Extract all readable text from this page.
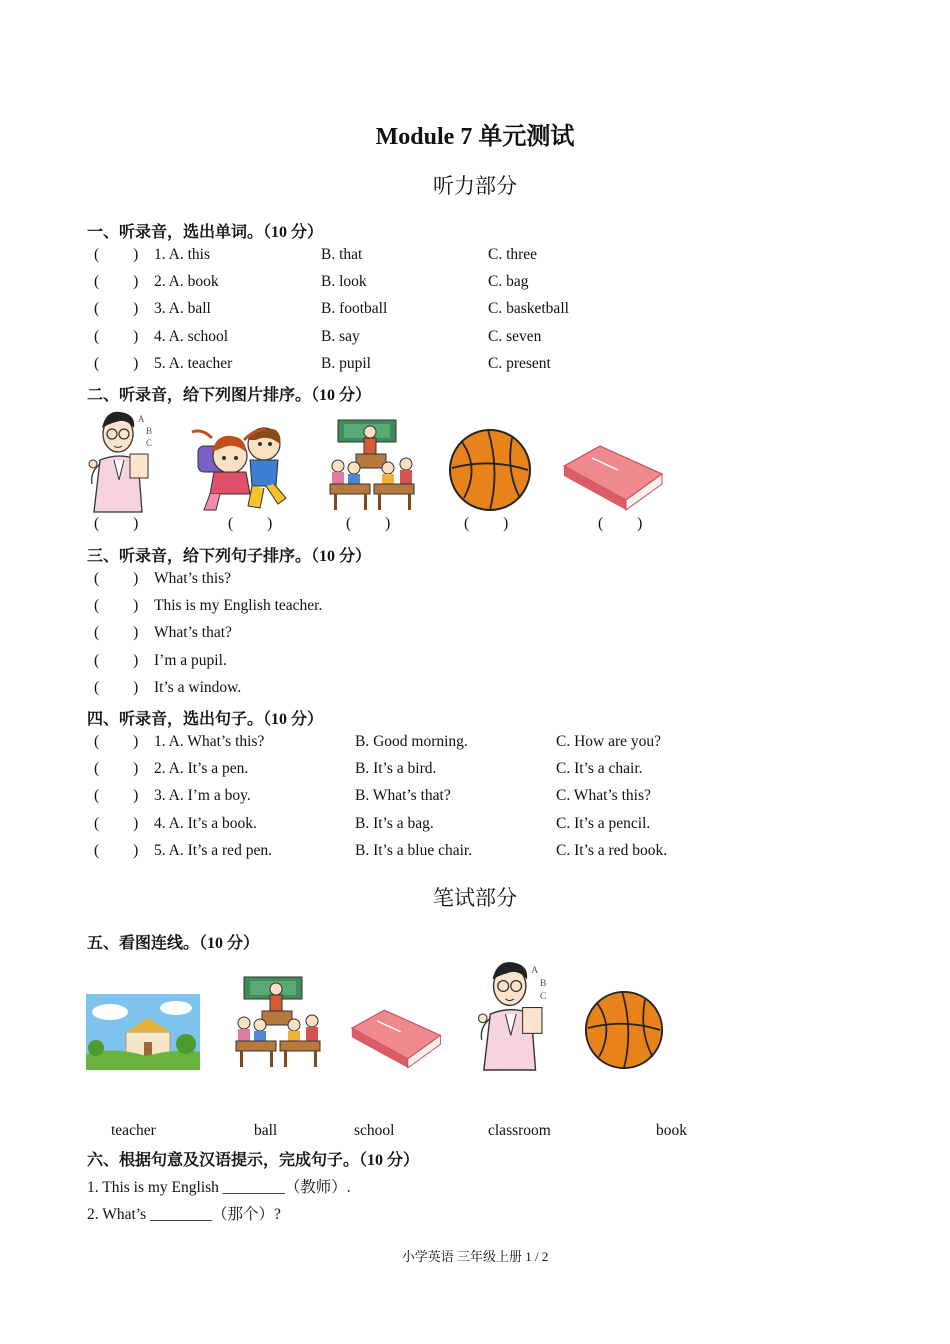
Module 7 单元测试
听力部分
一、听录音，选出单词。（10 分）
( ) 1. A. this	B. that	C. three
( ) 2. A. book	B. look	C. bag
( ) 3. A. ball	B. football	C. basketball
( ) 4. A. school	B. say	C. seven
( ) 5. A. teacher	B. pupil	C. present
二、听录音，给下列图片排序。（10 分）
A
B
C
( )	( )	( )	( )	( )
三、听录音，给下列句子排序。（10 分）
( ) What’s this?
( ) This is my English teacher.
( ) What’s that?
( ) I’m a pupil.
( ) It’s a window.
四、听录音，选出句子。（10 分）
( ) 1. A. What’s this?	B. Good morning.	C. How are you?
( ) 2. A. It’s a pen.	B. It’s a bird.	C. It’s a chair.
( ) 3. A. I’m a boy.	B. What’s that?	C. What’s this?
( ) 4. A. It’s a book.	B. It’s a bag.	C. It’s a pencil.
( ) 5. A. It’s a red pen.	B. It’s a blue chair.	C. It’s a red book.
笔试部分
五、看图连线。（10 分）
A
B
C
teacher	ball	school	classroom	book
六、根据句意及汉语提示，完成句子。（10 分）
1. This is my English ________（教师）.
2. What’s ________（那个）?
小学英语 三年级上册 1 / 2
